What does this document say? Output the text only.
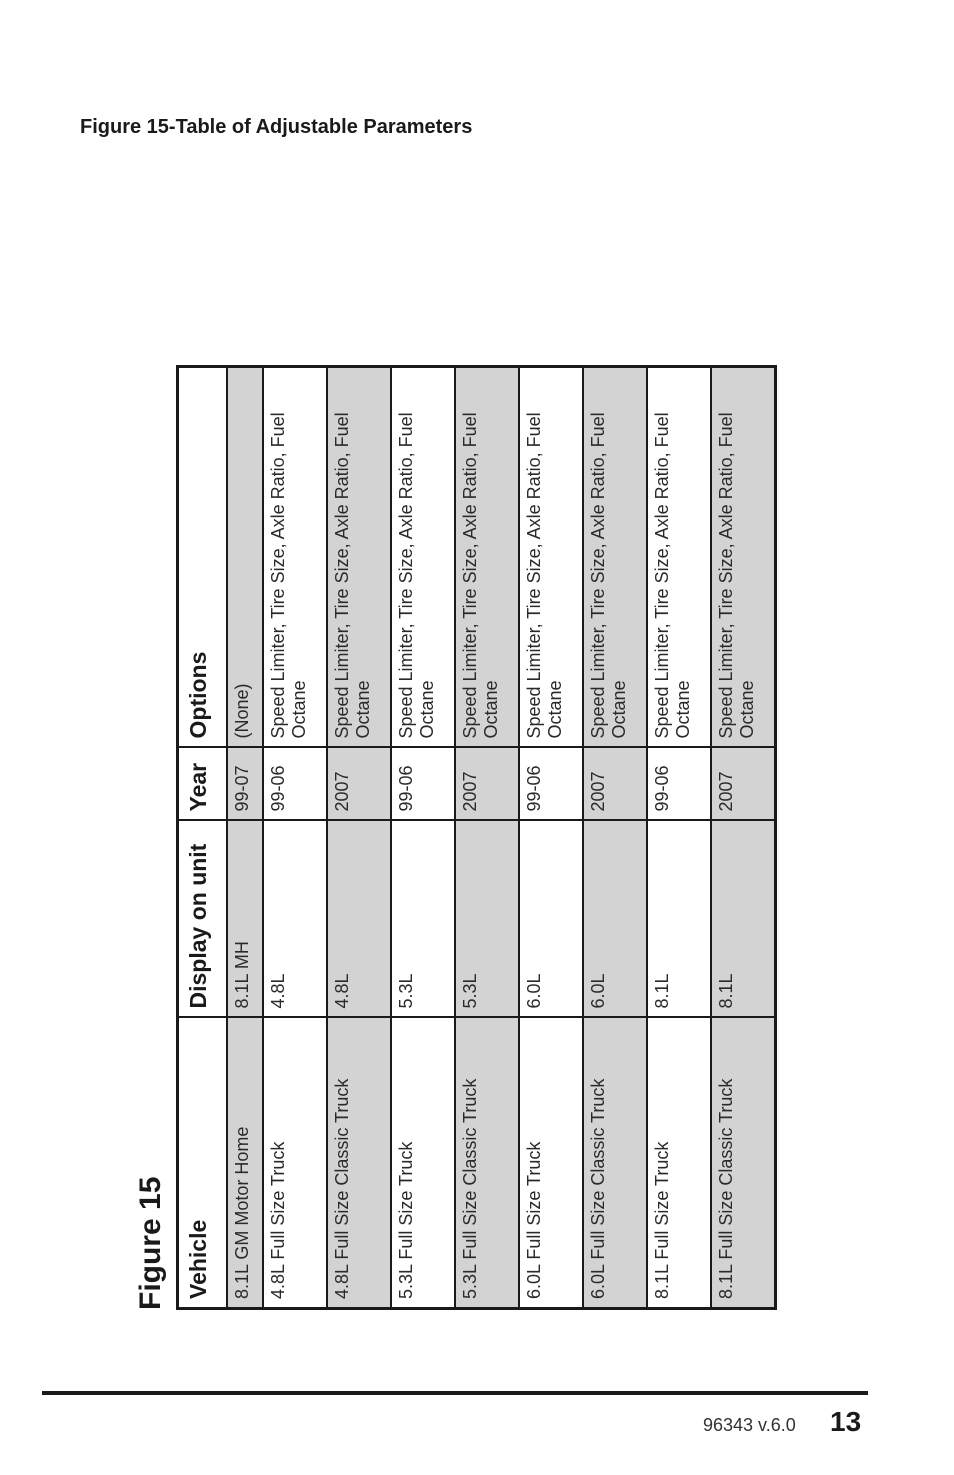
Figure 15-Table of Adjustable Parameters
Figure 15 Vehicle	Display on unit	Year	Options
8.1L GM Motor Home	8.1L MH	99-07	(None)
4.8L Full Size Truck	4.8L	99-06	Speed Limiter, Tire Size, Axle Ratio, Fuel Octane
4.8L Full Size Classic Truck	4.8L	2007	Speed Limiter, Tire Size, Axle Ratio, Fuel Octane
5.3L Full Size Truck	5.3L	99-06	Speed Limiter, Tire Size, Axle Ratio, Fuel Octane
5.3L Full Size Classic Truck	5.3L	2007	Speed Limiter, Tire Size, Axle Ratio, Fuel Octane
6.0L Full Size Truck	6.0L	99-06	Speed Limiter, Tire Size, Axle Ratio, Fuel Octane
6.0L Full Size Classic Truck	6.0L	2007	Speed Limiter, Tire Size, Axle Ratio, Fuel Octane
8.1L Full Size Truck	8.1L	99-06	Speed Limiter, Tire Size, Axle Ratio, Fuel Octane
8.1L Full Size Classic Truck	8.1L	2007	Speed Limiter, Tire Size, Axle Ratio, Fuel Octane
96343 v.6.0 13
